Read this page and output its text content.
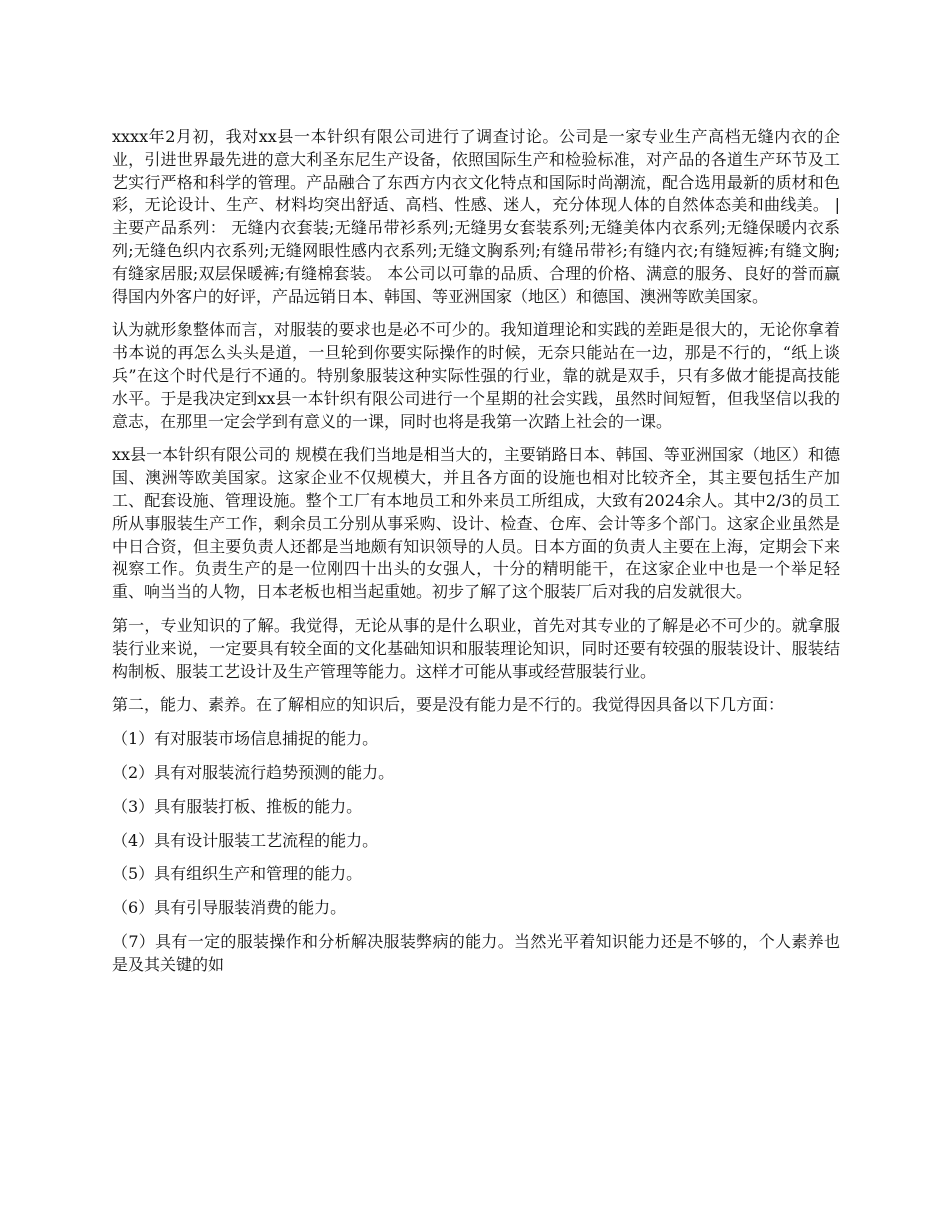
xxxx年2月初，我对xx县一本针织有限公司进行了调查讨论。公司是一家专业生产高档无缝内衣的企业，引进世界最先进的意大利圣东尼生产设备，依照国际生产和检验标准，对产品的各道生产环节及工艺实行严格和科学的管理。产品融合了东西方内衣文化特点和国际时尚潮流，配合选用最新的质材和色彩，无论设计、生产、材料均突出舒适、高档、性感、迷人，充分体现人体的自然体态美和曲线美。 |主要产品系列： 无缝内衣套装;无缝吊带衫系列;无缝男女套装系列;无缝美体内衣系列;无缝保暖内衣系列;无缝色织内衣系列;无缝网眼性感内衣系列;无缝文胸系列;有缝吊带衫;有缝内衣;有缝短裤;有缝文胸;有缝家居服;双层保暖裤;有缝棉套装。 本公司以可靠的品质、合理的价格、满意的服务、良好的誉而赢得国内外客户的好评，产品远销日本、韩国、等亚洲国家（地区）和德国、澳洲等欧美国家。

认为就形象整体而言，对服装的要求也是必不可少的。我知道理论和实践的差距是很大的，无论你拿着书本说的再怎么头头是道，一旦轮到你要实际操作的时候，无奈只能站在一边，那是不行的，“纸上谈兵”在这个时代是行不通的。特别象服装这种实际性强的行业，靠的就是双手，只有多做才能提高技能水平。于是我决定到xx县一本针织有限公司进行一个星期的社会实践，虽然时间短暂，但我坚信以我的意志，在那里一定会学到有意义的一课，同时也将是我第一次踏上社会的一课。

xx县一本针织有限公司的 规模在我们当地是相当大的，主要销路日本、韩国、等亚洲国家（地区）和德国、澳洲等欧美国家。这家企业不仅规模大，并且各方面的设施也相对比较齐全，其主要包括生产加工、配套设施、管理设施。整个工厂有本地员工和外来员工所组成，大致有2024余人。其中2/3的员工所从事服装生产工作，剩余员工分别从事采购、设计、检查、仓库、会计等多个部门。这家企业虽然是中日合资，但主要负责人还都是当地颇有知识领导的人员。日本方面的负责人主要在上海，定期会下来视察工作。负责生产的是一位刚四十出头的女强人，十分的精明能干，在这家企业中也是一个举足轻重、响当当的人物，日本老板也相当起重她。初步了解了这个服装厂后对我的启发就很大。

第一，专业知识的了解。我觉得，无论从事的是什么职业，首先对其专业的了解是必不可少的。就拿服装行业来说，一定要具有较全面的文化基础知识和服装理论知识，同时还要有较强的服装设计、服装结构制板、服装工艺设计及生产管理等能力。这样才可能从事或经营服装行业。

第二，能力、素养。在了解相应的知识后，要是没有能力是不行的。我觉得因具备以下几方面：

（1）有对服装市场信息捕捉的能力。

（2）具有对服装流行趋势预测的能力。

（3）具有服装打板、推板的能力。

（4）具有设计服装工艺流程的能力。

（5）具有组织生产和管理的能力。

（6）具有引导服装消费的能力。

（7）具有一定的服装操作和分析解决服装弊病的能力。当然光平着知识能力还是不够的，个人素养也是及其关键的如
